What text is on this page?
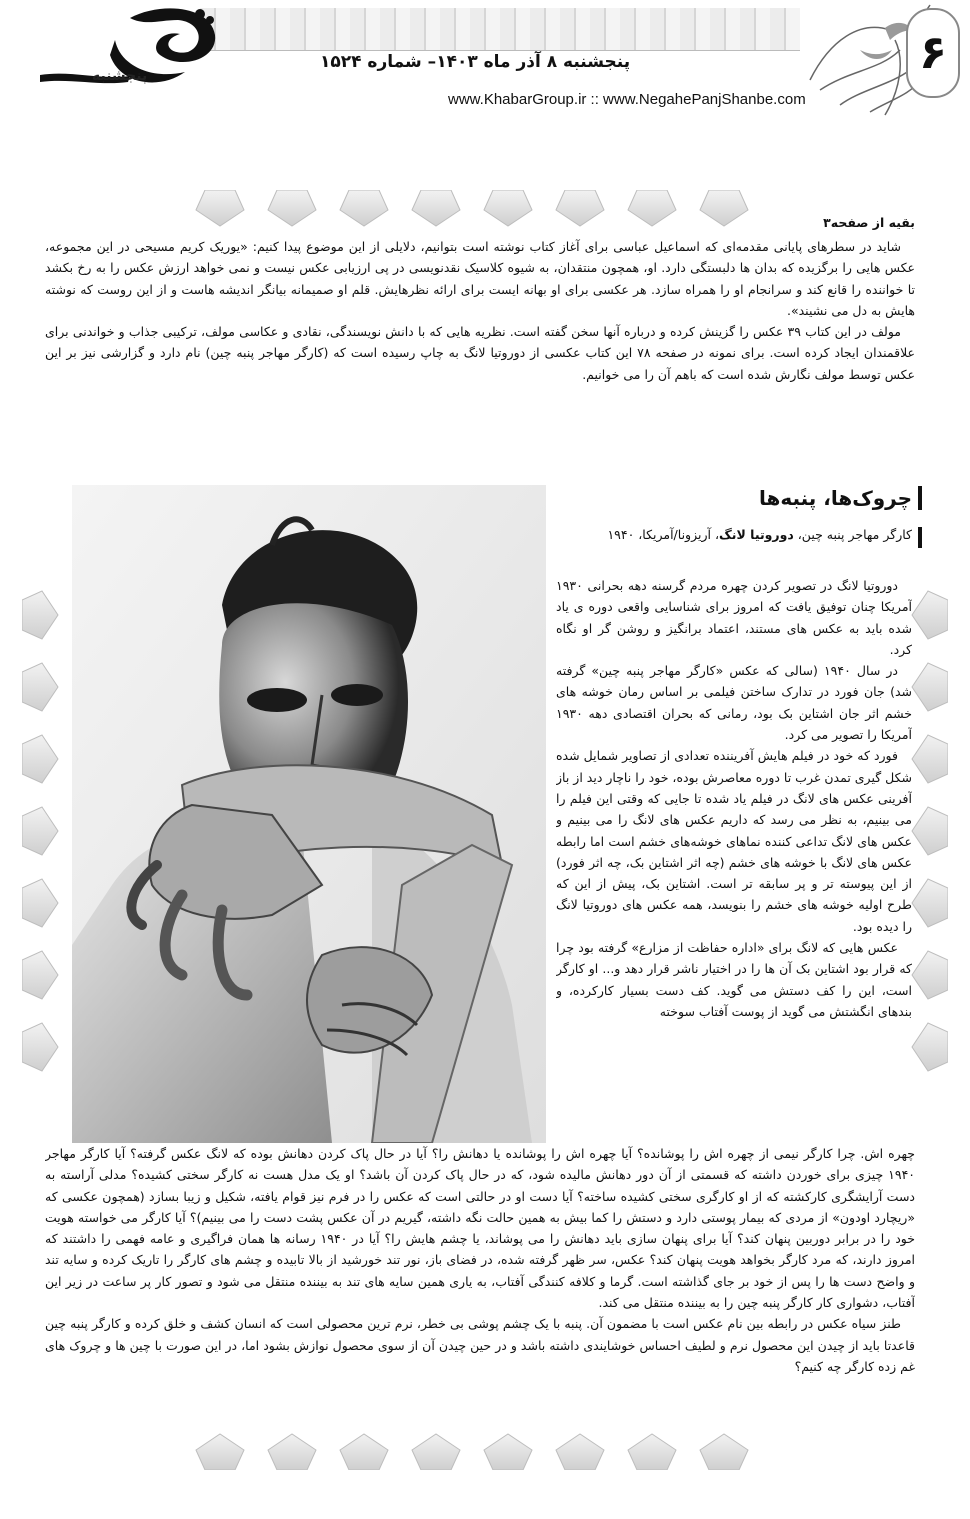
پنجشنبه
پنجشنبه ۸ آذر ماه ۱۴۰۳– شماره ۱۵۲۴
www.KhabarGroup.ir :: www.NegahePanjShanbe.com
۶
بقیه از صفحه۳

شاید در سطرهای پایانی مقدمه‌ای که اسماعیل عباسی برای آغاز کتاب نوشته است بتوانیم، دلایلی از این موضوع پیدا کنیم: «یوریک کریم مسیحی در این مجموعه، عکس هایی را برگزیده که بدان ها دلبستگی دارد. او، همچون منتقدان، به شیوه کلاسیک نقدنویسی در پی ارزیابی عکس نیست و نمی خواهد ارزش عکس را به رخ بکشد تا خواننده را قانع کند و سرانجام او را همراه سازد. هر عکسی برای او بهانه ایست برای ارائه نظرهایش. قلم او صمیمانه بیانگر اندیشه هاست و از این روست که نوشته هایش به دل می نشیند».

مولف در این کتاب ۳۹ عکس را گزینش کرده و درباره آنها سخن گفته است. نظریه هایی که با دانش نویسندگی، نقادی و عکاسی مولف، ترکیبی جذاب و خواندنی برای علاقمندان ایجاد کرده است. برای نمونه در صفحه ۷۸ این کتاب عکسی از دوروتیا لانگ به چاپ رسیده است که (کارگر مهاجر پنبه چین) نام دارد و گزارشی نیز بر این عکس توسط مولف نگارش شده است که باهم آن را می خوانیم.

چروک‌ها، پنبه‌ها
کارگر مهاجر پنبه چین، دوروتیا لانگ، آریزونا/آمریکا، ۱۹۴۰

دوروتیا لانگ در تصویر کردن چهره مردم گرسنه دهه بحرانی ۱۹۳۰ آمریکا چنان توفیق یافت که امروز برای شناسایی واقعی دوره ی یاد شده باید به عکس های مستند، اعتماد برانگیز و روشن گر او نگاه کرد.

در سال ۱۹۴۰ (سالی که عکس «کارگر مهاجر پنبه چین» گرفته شد) جان فورد در تدارک ساختن فیلمی بر اساس رمان خوشه های خشم اثر جان اشتاین بک بود، رمانی که بحران اقتصادی دهه ۱۹۳۰ آمریکا را تصویر می کرد.

فورد که خود در فیلم هایش آفریننده تعدادی از تصاویر شمایل شده شکل گیری تمدن غرب تا دوره معاصرش بوده، خود را ناچار دید از باز آفرینی عکس های لانگ در فیلم یاد شده تا جایی که وقتی این فیلم را می بینیم، به نظر می رسد که داریم عکس های لانگ را می بینیم و عکس های لانگ تداعی کننده نماهای خوشه‌های خشم است اما رابطه عکس های لانگ با خوشه های خشم (چه اثر اشتاین بک، چه اثر فورد) از این پیوسته تر و پر سابقه تر است. اشتاین بک، پیش از این که طرح اولیه خوشه های خشم را بنویسد، همه عکس های دوروتیا لانگ را دیده بود.

عکس هایی که لانگ برای «اداره حفاظت از مزارع» گرفته بود چرا که قرار بود اشتاین بک آن ها را در اختیار ناشر قرار دهد و... او کارگر است، این را کف دستش می گوید. کف دست بسیار کارکرده، و بندهای انگشتش می گوید از پوست آفتاب سوخته

چهره اش. چرا کارگر نیمی از چهره اش را پوشانده؟ آیا چهره اش را پوشانده یا دهانش را؟ آیا در حال پاک کردن دهانش بوده که لانگ عکس گرفته؟ آیا کارگر مهاجر ۱۹۴۰ چیزی برای خوردن داشته که قسمتی از آن دور دهانش مالیده شود، که در حال پاک کردن آن باشد؟ او یک مدل هست نه کارگر سختی کشیده؟ مدلی آراسته به دست آرایشگری کارکشته که از او کارگری سختی کشیده ساخته؟ آیا دست او در حالتی است که عکس را در فرم نیز قوام یافته، شکیل و زیبا بسازد (همچون عکسی که «ریچارد اودون» از مردی که بیمار پوستی دارد و دستش را کما بیش به همین حالت نگه داشته، گیریم در آن عکس پشت دست را می بینیم)؟ آیا کارگر می خواسته هویت خود را در برابر دوربین پنهان کند؟ آیا برای پنهان سازی باید دهانش را می پوشاند، یا چشم هایش را؟ آیا در ۱۹۴۰ رسانه ها همان فراگیری و عامه فهمی را داشتند که امروز دارند، که مرد کارگر بخواهد هویت پنهان کند؟ عکس، سر ظهر گرفته شده، در فضای باز، نور تند خورشید از بالا تابیده و چشم های کارگر را تاریک کرده و سایه تند و واضح دست ها را پس از خود بر جای گذاشته است. گرما و کلافه کنندگی آفتاب، به یاری همین سایه های تند به بیننده منتقل می شود و تصور کار پر ساعت در زیر این آفتاب، دشواری کار کارگر پنبه چین را به بیننده منتقل می کند.

طنز سیاه عکس در رابطه بین نام عکس است با مضمون آن. پنبه با یک چشم پوشی بی خطر، نرم ترین محصولی است که انسان کشف و خلق کرده و کارگر پنبه چین قاعدتا باید از چیدن این محصول نرم و لطیف احساس خوشایندی داشته باشد و در حین چیدن آن از سوی محصول نوازش بشود اما، در این صورت با چین ها و چروک های غم زده کارگر چه کنیم؟
